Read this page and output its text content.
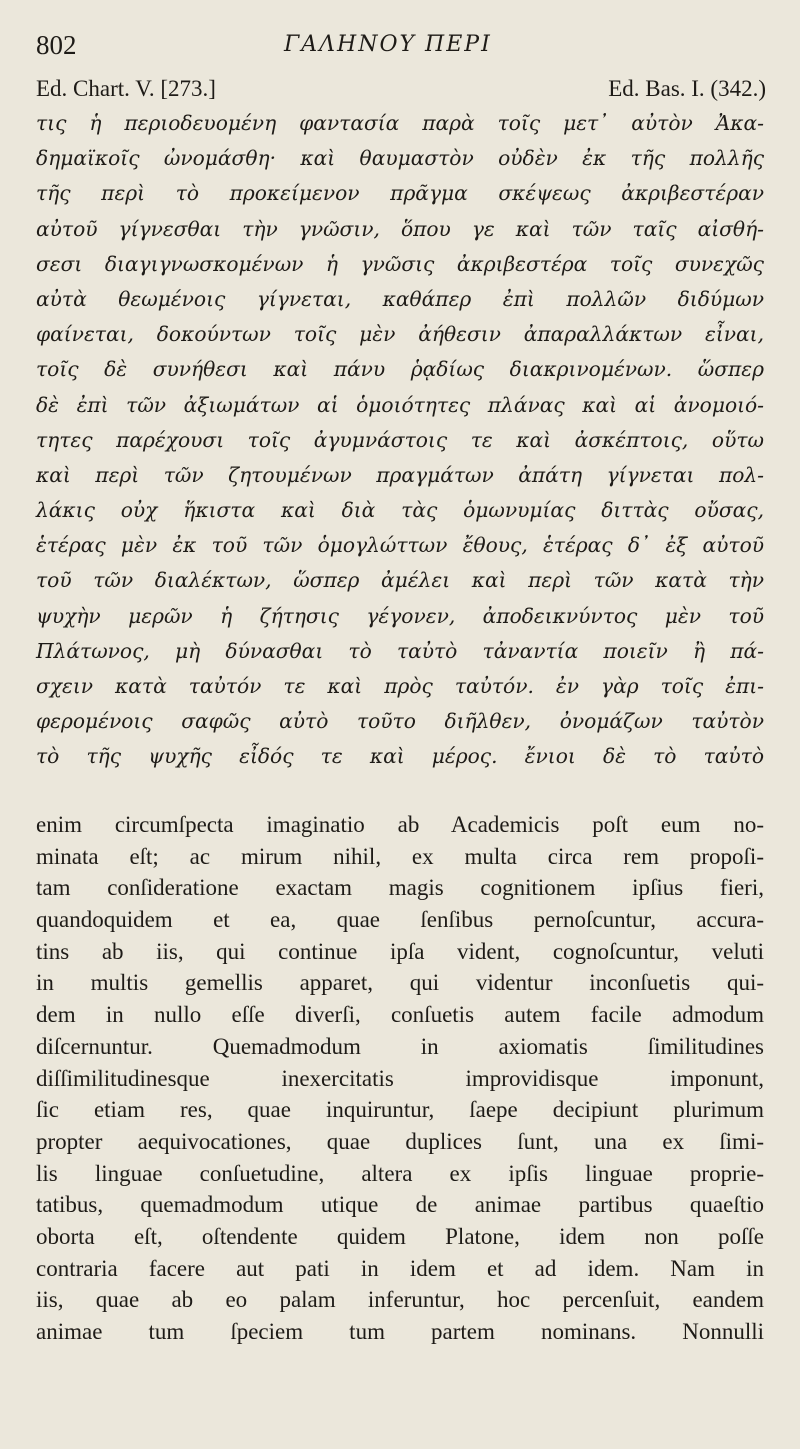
802	ΓΑΛΗΝΟΥ ΠΕΡΙ
Ed. Chart. V. [273.]	Ed. Bas. I. (342.)
τις ἡ περιοδευομένη φαντασία παρὰ τοῖς μετ᾽ αὐτὸν Ἀκα-
δημαϊκοῖς ὠνομάσθη· καὶ θαυμαστὸν οὐδὲν ἐκ τῆς πολλῆς
τῆς περὶ τὸ προκείμενον πρᾶγμα σκέψεως ἀκριβεστέραν
αὐτοῦ γίγνεσθαι τὴν γνῶσιν, ὅπου γε καὶ τῶν ταῖς αἰσθή-
σεσι διαγιγνωσκομένων ἡ γνῶσις ἀκριβεστέρα τοῖς συνεχῶς
αὐτὰ θεωμένοις γίγνεται, καθάπερ ἐπὶ πολλῶν διδύμων
φαίνεται, δοκούντων τοῖς μὲν ἀήθεσιν ἀπαραλλάκτων εἶναι,
τοῖς δὲ συνήθεσι καὶ πάνυ ῥᾳδίως διακρινομένων. ὥσπερ
δὲ ἐπὶ τῶν ἀξιωμάτων αἱ ὁμοιότητες πλάνας καὶ αἱ ἀνομοιό-
τητες παρέχουσι τοῖς ἀγυμνάστοις τε καὶ ἀσκέπτοις, οὕτω
καὶ περὶ τῶν ζητουμένων πραγμάτων ἀπάτη γίγνεται πολ-
λάκις οὐχ ἥκιστα καὶ διὰ τὰς ὁμωνυμίας διττὰς οὔσας,
ἑτέρας μὲν ἐκ τοῦ τῶν ὁμογλώττων ἔθους, ἑτέρας δ᾽ ἐξ αὐτοῦ
τοῦ τῶν διαλέκτων, ὥσπερ ἀμέλει καὶ περὶ τῶν κατὰ τὴν
ψυχὴν μερῶν ἡ ζήτησις γέγονεν, ἀποδεικνύντος μὲν τοῦ
Πλάτωνος, μὴ δύνασθαι τὸ ταὐτὸ τἀναντία ποιεῖν ἢ πά-
σχειν κατὰ ταὐτόν τε καὶ πρὸς ταὐτόν. ἐν γὰρ τοῖς ἐπι-
φερομένοις σαφῶς αὐτὸ τοῦτο διῆλθεν, ὀνομάζων ταὐτὸν
τὸ τῆς ψυχῆς εἶδός τε καὶ μέρος. ἔνιοι δὲ τὸ ταὐτὸ
enim circumſpecta imaginatio ab Academicis poſt eum no-
minata eſt; ac mirum nihil, ex multa circa rem propoſi-
tam conſideratione exactam magis cognitionem ipſius fieri,
quandoquidem et ea, quae ſenſibus pernoſcuntur, accura-
tins ab iis, qui continue ipſa vident, cognoſcuntur, veluti
in multis gemellis apparet, qui videntur inconſuetis qui-
dem in nullo eſſe diverſi, conſuetis autem facile admodum
diſcernuntur. Quemadmodum in axiomatis ſimilitudines
diſſimilitudinesque inexercitatis improvidisque imponunt,
ſic etiam res, quae inquiruntur, ſaepe decipiunt plurimum
propter aequivocationes, quae duplices ſunt, una ex ſimi-
lis linguae conſuetudine, altera ex ipſis linguae proprie-
tatibus, quemadmodum utique de animae partibus quaeſtio
oborta eſt, oſtendente quidem Platone, idem non poſſe
contraria facere aut pati in idem et ad idem. Nam in
iis, quae ab eo palam inferuntur, hoc percenſuit, eandem
animae tum ſpeciem tum partem nominans. Nonnulli
